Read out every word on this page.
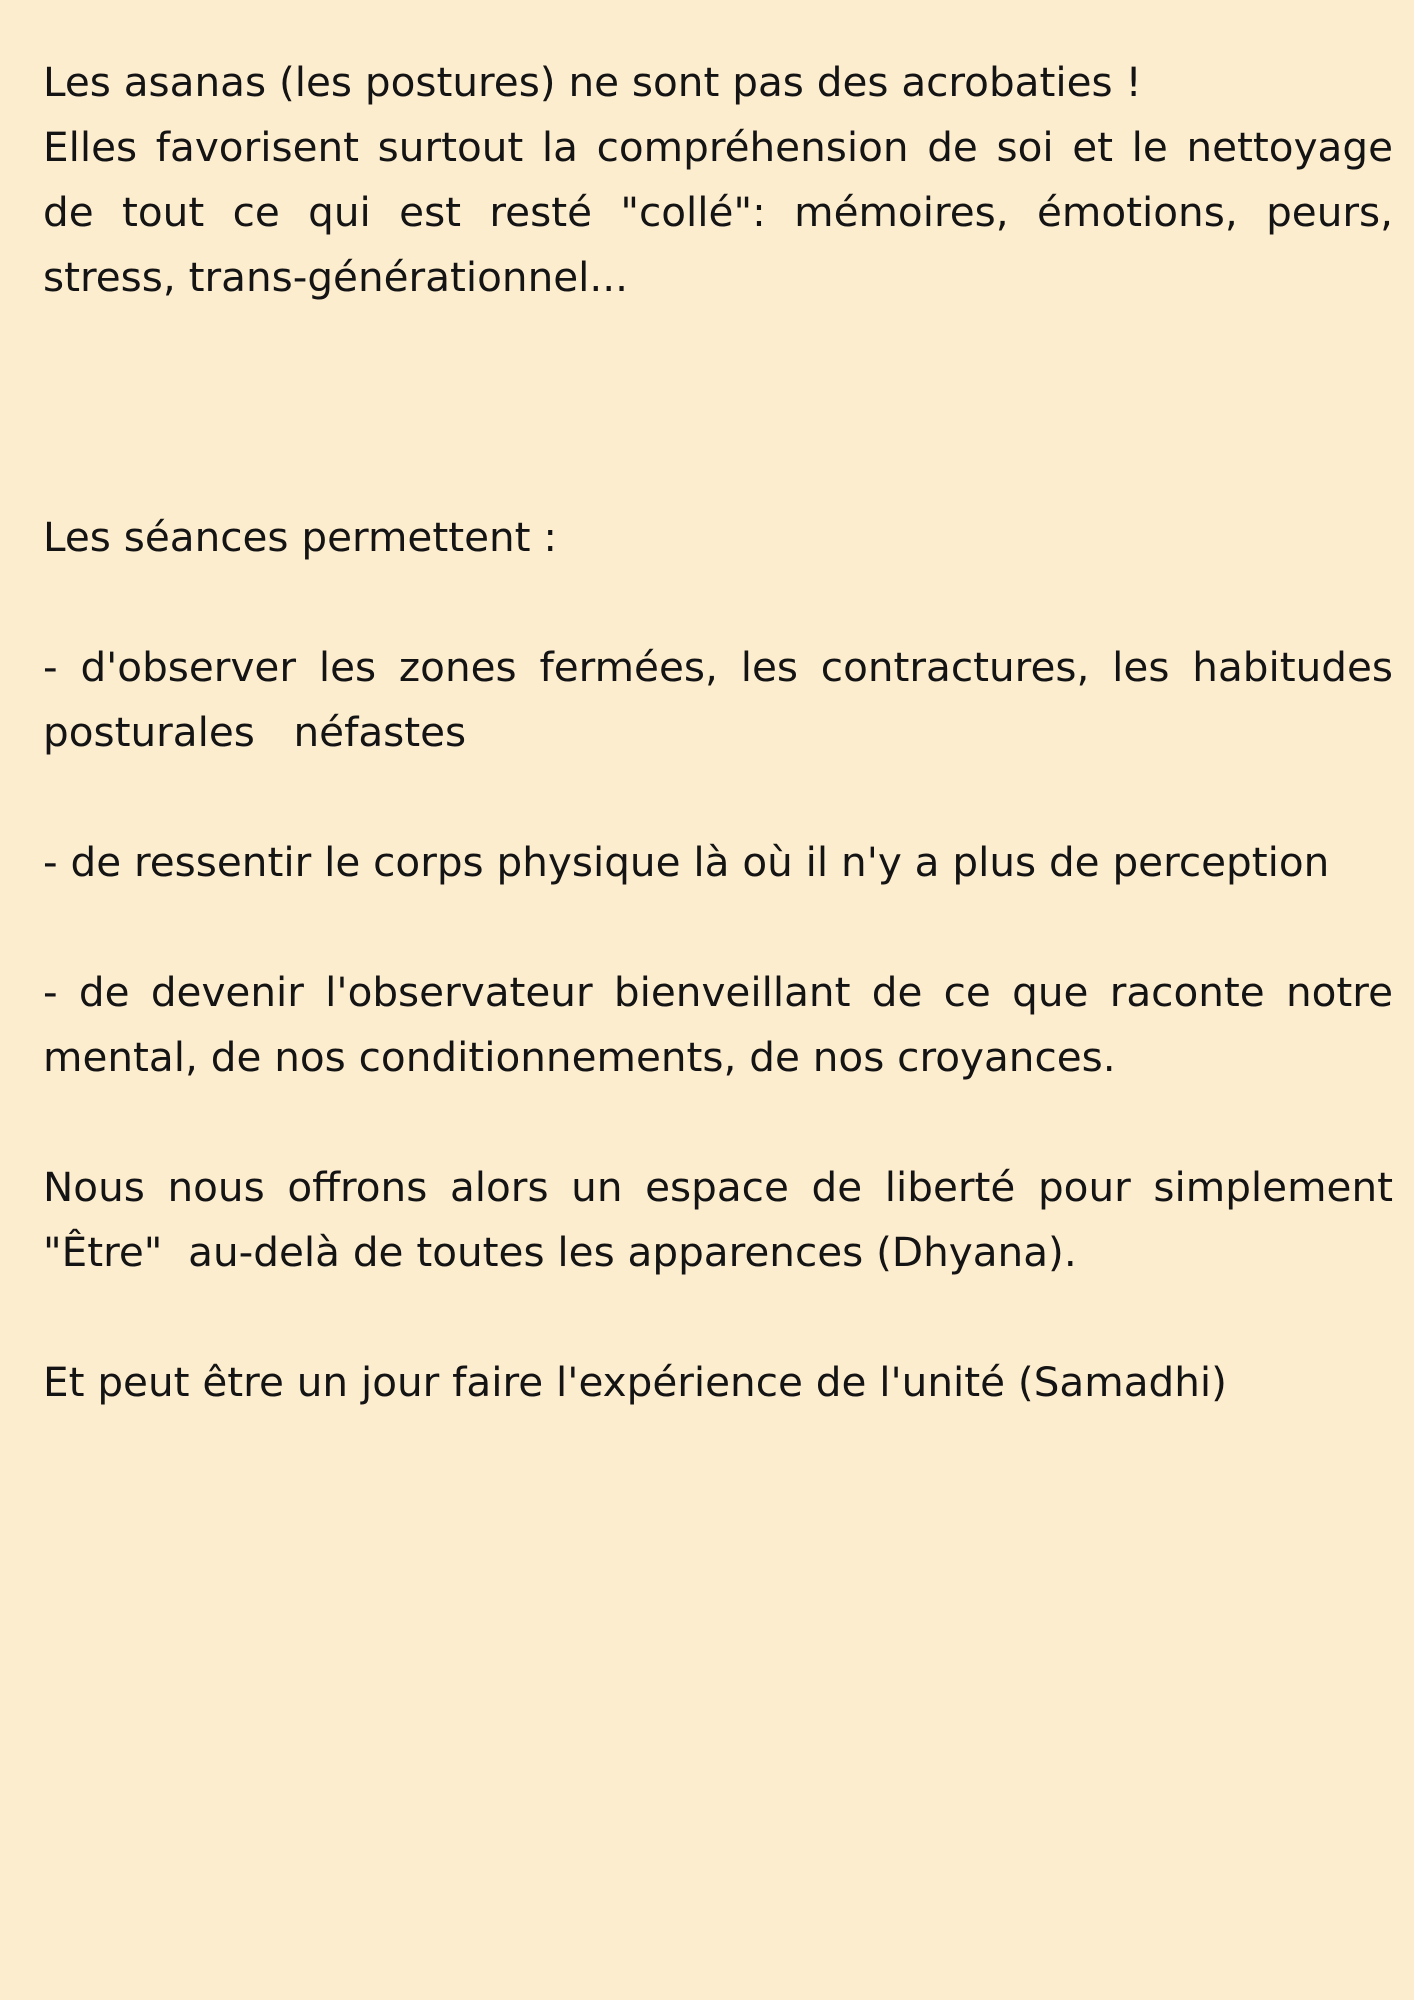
Les asanas (les postures) ne sont pas des acrobaties !

Elles favorisent surtout la compréhension de soi et le nettoyage de tout ce qui est resté "collé": mémoires, émotions, peurs, stress, trans-générationnel...

Les séances permettent :

- d'observer les zones fermées, les contractures, les habitudes posturales   néfastes

- de ressentir le corps physique là où il n'y a plus de perception

- de devenir l'observateur bienveillant de ce que raconte notre mental, de nos conditionnements, de nos croyances.

Nous nous offrons alors un espace de liberté pour simplement "Être"  au-delà de toutes les apparences (Dhyana).

Et peut être un jour faire l'expérience de l'unité (Samadhi)
